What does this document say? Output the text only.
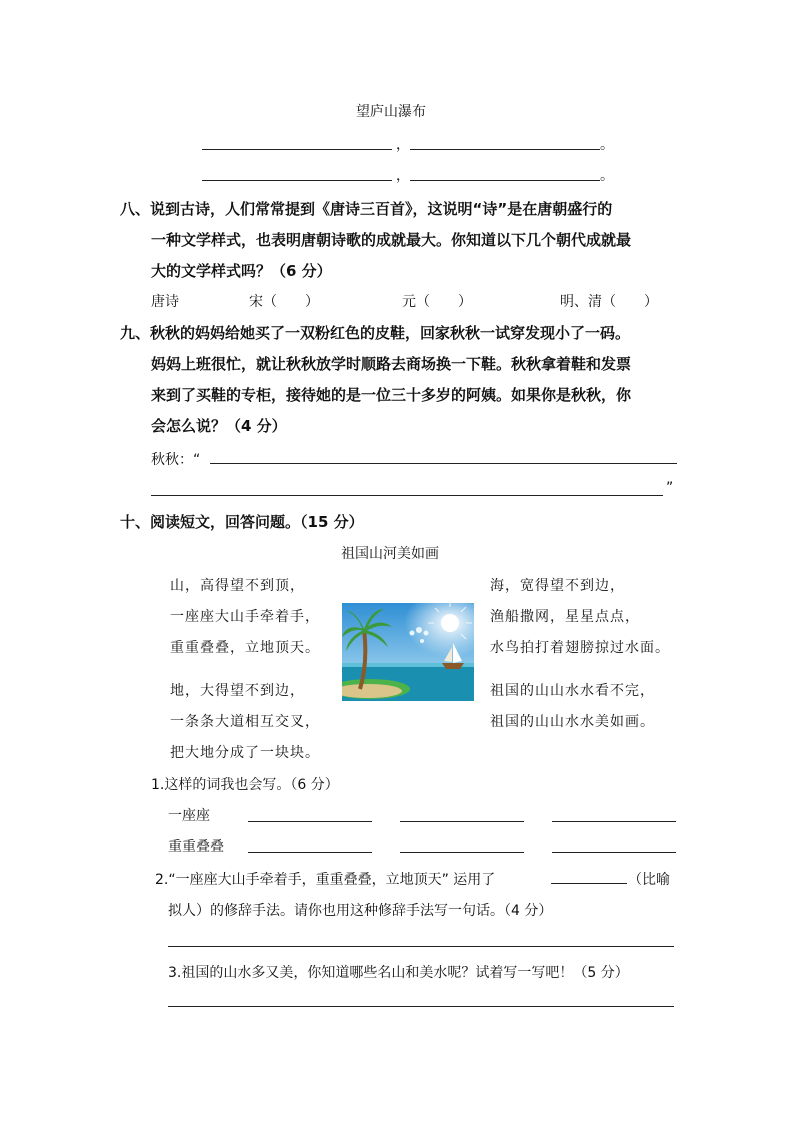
望庐山瀑布
，	。
，	。
八、说到古诗，人们常常提到《唐诗三百首》，这说明“诗”是在唐朝盛行的
一种文学样式，也表明唐朝诗歌的成就最大。你知道以下几个朝代成就最
大的文学样式吗？（6 分）
唐诗	宋（　　）	元（　　）	明、清（　　）
九、秋秋的妈妈给她买了一双粉红色的皮鞋，回家秋秋一试穿发现小了一码。
妈妈上班很忙，就让秋秋放学时顺路去商场换一下鞋。秋秋拿着鞋和发票
来到了买鞋的专柜，接待她的是一位三十多岁的阿姨。如果你是秋秋，你
会怎么说？（4 分）
秋秋：“
”
十、阅读短文，回答问题。（15 分）
祖国山河美如画
山，高得望不到顶，
一座座大山手牵着手，
重重叠叠，立地顶天。
地，大得望不到边，
一条条大道相互交叉，
把大地分成了一块块。
海，宽得望不到边，
渔船撒网，星星点点，
水鸟拍打着翅膀掠过水面。
祖国的山山水水看不完，
祖国的山山水水美如画。
1.这样的词我也会写。（6 分）
一座座
重重叠叠
2.“一座座大山手牵着手，重重叠叠，立地顶天” 运用了	（比喻
拟人）的修辞手法。请你也用这种修辞手法写一句话。（4 分）
3.祖国的山水多又美，你知道哪些名山和美水呢？试着写一写吧！（5 分）
